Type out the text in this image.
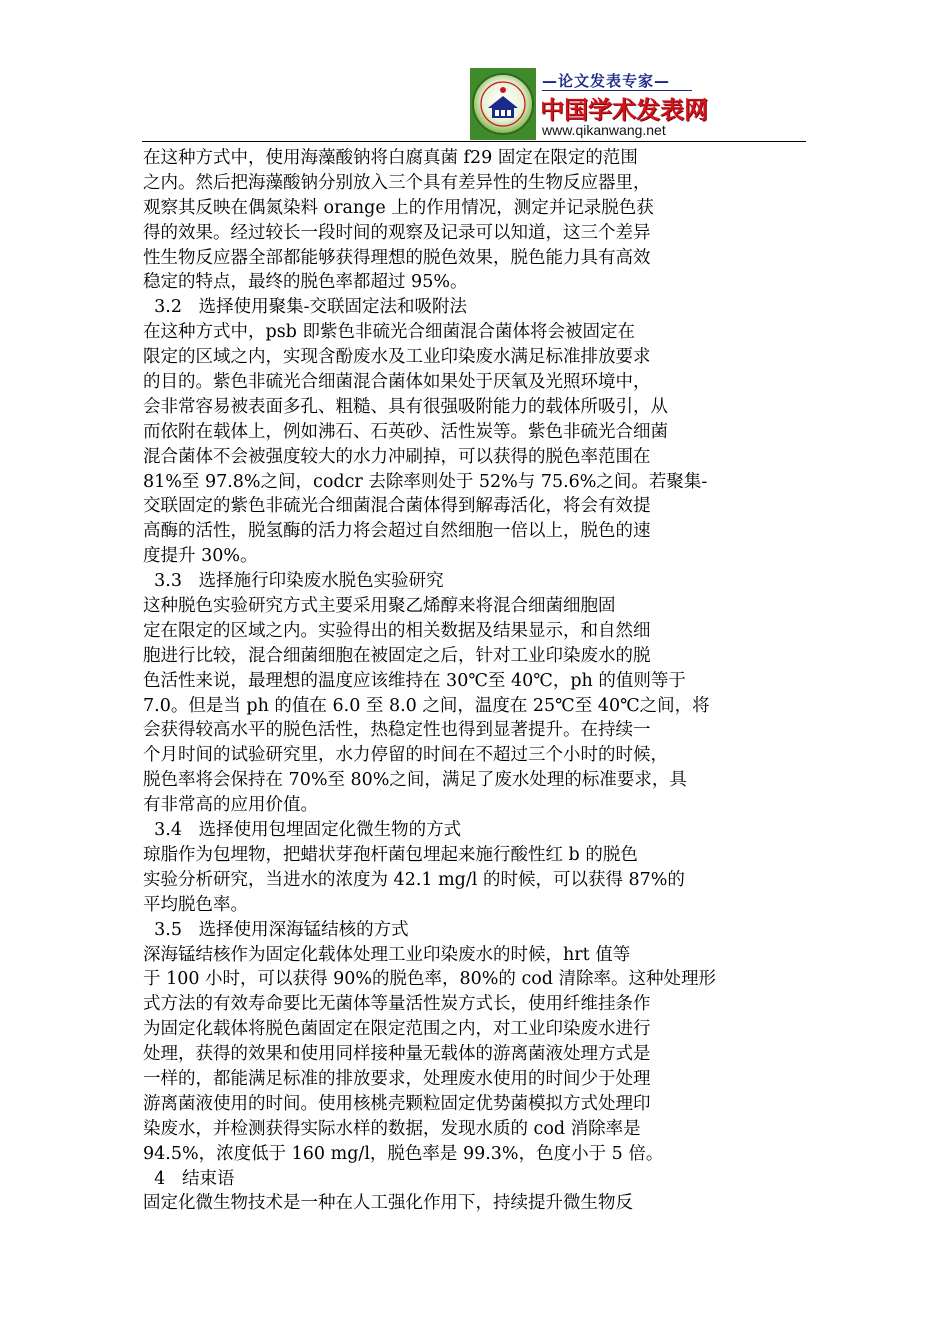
—论文发表专家—
中国学术发表网
www.qikanwang.net
在这种方式中，使用海藻酸钠将白腐真菌 f29 固定在限定的范围
之内。然后把海藻酸钠分别放入三个具有差异性的生物反应器里，
观察其反映在偶氮染料 orange 上的作用情况，测定并记录脱色获
得的效果。经过较长一段时间的观察及记录可以知道，这三个差异
性生物反应器全部都能够获得理想的脱色效果，脱色能力具有高效
稳定的特点，最终的脱色率都超过 95%。
3.2   选择使用聚集-交联固定法和吸附法
在这种方式中，psb 即紫色非硫光合细菌混合菌体将会被固定在
限定的区域之内，实现含酚废水及工业印染废水满足标准排放要求
的目的。紫色非硫光合细菌混合菌体如果处于厌氧及光照环境中，
会非常容易被表面多孔、粗糙、具有很强吸附能力的载体所吸引，从
而依附在载体上，例如沸石、石英砂、活性炭等。紫色非硫光合细菌
混合菌体不会被强度较大的水力冲刷掉，可以获得的脱色率范围在
81%至 97.8%之间，codcr 去除率则处于 52%与 75.6%之间。若聚集-
交联固定的紫色非硫光合细菌混合菌体得到解毒活化，将会有效提
高酶的活性，脱氢酶的活力将会超过自然细胞一倍以上，脱色的速
度提升 30%。
3.3   选择施行印染废水脱色实验研究
这种脱色实验研究方式主要采用聚乙烯醇来将混合细菌细胞固
定在限定的区域之内。实验得出的相关数据及结果显示，和自然细
胞进行比较，混合细菌细胞在被固定之后，针对工业印染废水的脱
色活性来说，最理想的温度应该维持在 30℃至 40℃，ph 的值则等于
7.0。但是当 ph 的值在 6.0 至 8.0 之间，温度在 25℃至 40℃之间，将
会获得较高水平的脱色活性，热稳定性也得到显著提升。在持续一
个月时间的试验研究里，水力停留的时间在不超过三个小时的时候，
脱色率将会保持在 70%至 80%之间，满足了废水处理的标准要求，具
有非常高的应用价值。
3.4   选择使用包埋固定化微生物的方式
琼脂作为包埋物，把蜡状芽孢杆菌包埋起来施行酸性红 b 的脱色
实验分析研究，当进水的浓度为 42.1 mg/l 的时候，可以获得 87%的
平均脱色率。
3.5   选择使用深海锰结核的方式
深海锰结核作为固定化载体处理工业印染废水的时候，hrt 值等
于 100 小时，可以获得 90%的脱色率，80%的 cod 清除率。这种处理形
式方法的有效寿命要比无菌体等量活性炭方式长，使用纤维挂条作
为固定化载体将脱色菌固定在限定范围之内，对工业印染废水进行
处理，获得的效果和使用同样接种量无载体的游离菌液处理方式是
一样的，都能满足标准的排放要求，处理废水使用的时间少于处理
游离菌液使用的时间。使用核桃壳颗粒固定优势菌模拟方式处理印
染废水，并检测获得实际水样的数据，发现水质的 cod 消除率是
94.5%，浓度低于 160 mg/l，脱色率是 99.3%，色度小于 5 倍。
4   结束语
固定化微生物技术是一种在人工强化作用下，持续提升微生物反
